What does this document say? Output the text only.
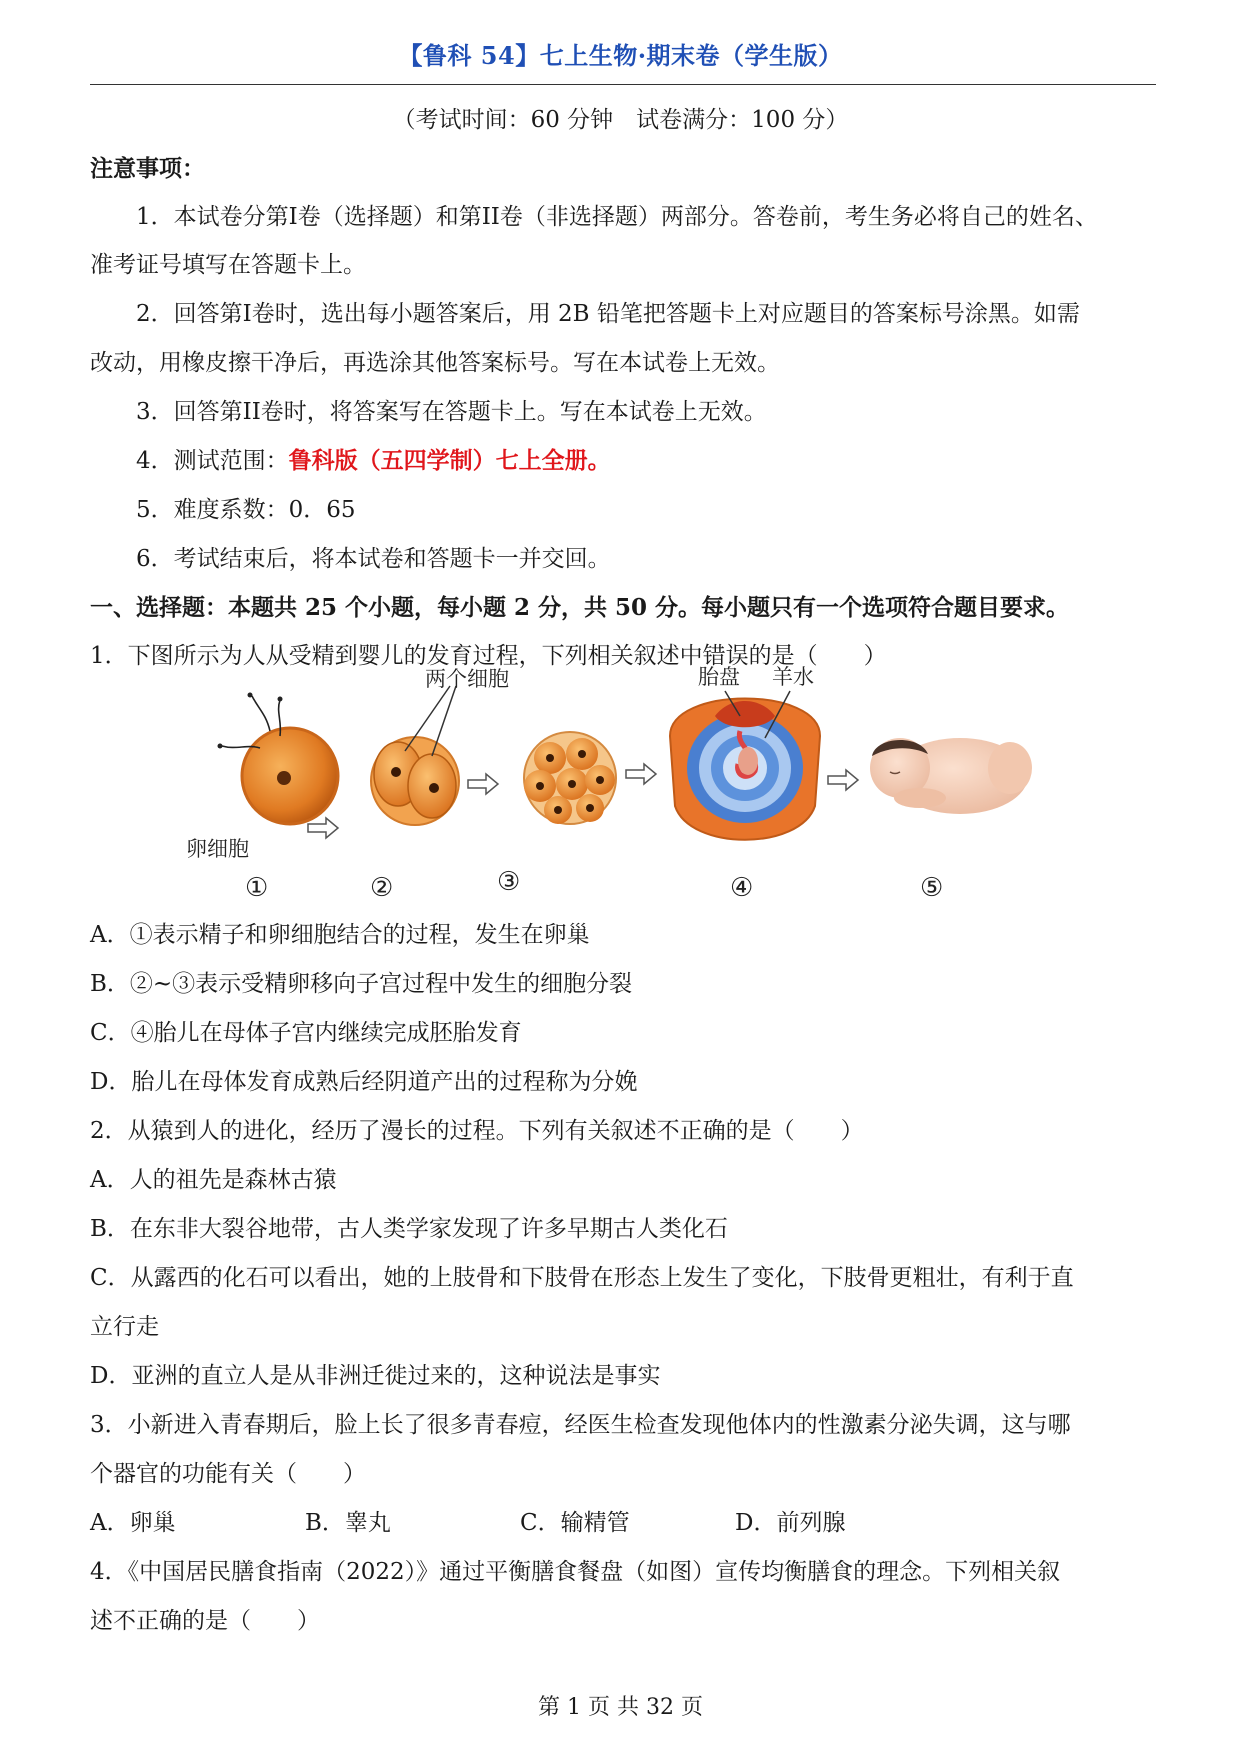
【鲁科 54】七上生物·期末卷（学生版）
（考试时间：60 分钟　试卷满分：100 分）
注意事项：
1．本试卷分第I卷（选择题）和第II卷（非选择题）两部分。答卷前，考生务必将自己的姓名、
准考证号填写在答题卡上。
2．回答第I卷时，选出每小题答案后，用 2B 铅笔把答题卡上对应题目的答案标号涂黑。如需
改动，用橡皮擦干净后，再选涂其他答案标号。写在本试卷上无效。
3．回答第II卷时，将答案写在答题卡上。写在本试卷上无效。
4．测试范围：鲁科版（五四学制）七上全册。
5．难度系数：0．65
6．考试结束后，将本试卷和答题卡一并交回。
一、选择题：本题共 25 个小题，每小题 2 分，共 50 分。每小题只有一个选项符合题目要求。
1．下图所示为人从受精到婴儿的发育过程，下列相关叙述中错误的是（　　）
卵细胞
两个细胞	胎盘 羊水
①	②	③	④	⑤
A．①表示精子和卵细胞结合的过程，发生在卵巢
B．②~③表示受精卵移向子宫过程中发生的细胞分裂
C．④胎儿在母体子宫内继续完成胚胎发育
D．胎儿在母体发育成熟后经阴道产出的过程称为分娩
2．从猿到人的进化，经历了漫长的过程。下列有关叙述不正确的是（　　）
A．人的祖先是森林古猿
B．在东非大裂谷地带，古人类学家发现了许多早期古人类化石
C．从露西的化石可以看出，她的上肢骨和下肢骨在形态上发生了变化，下肢骨更粗壮，有利于直
立行走
D．亚洲的直立人是从非洲迁徙过来的，这种说法是事实
3．小新进入青春期后，脸上长了很多青春痘，经医生检查发现他体内的性激素分泌失调，这与哪
个器官的功能有关（　　）
A．卵巢	B．睾丸	C．输精管	D．前列腺
4．《中国居民膳食指南（2022）》通过平衡膳食餐盘（如图）宣传均衡膳食的理念。下列相关叙
述不正确的是（　　）
第 1 页 共 32 页
